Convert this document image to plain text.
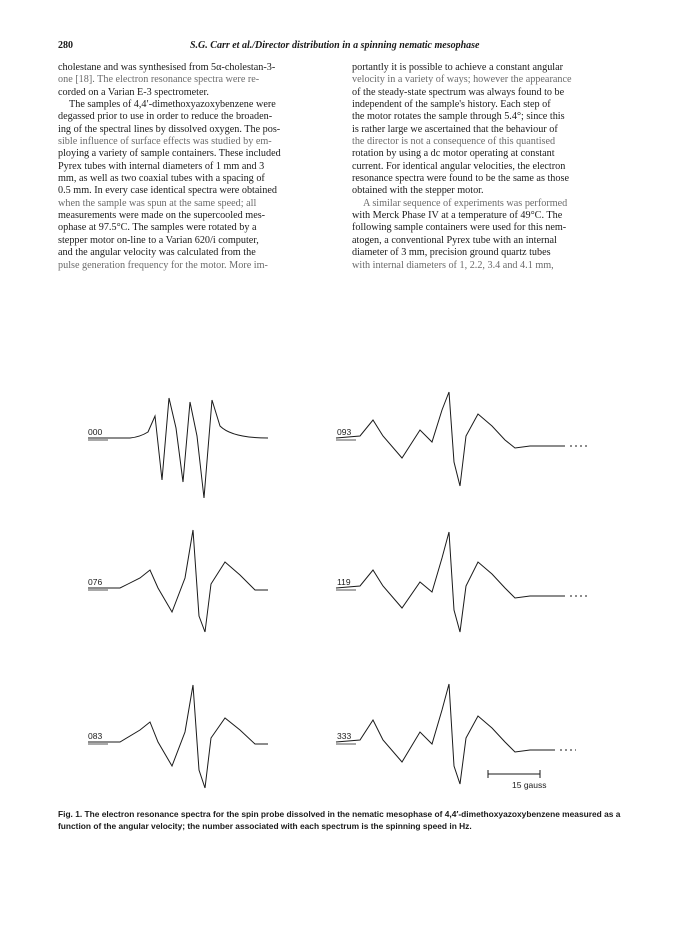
280	S.G. Carr et al./Director distribution in a spinning nematic mesophase
cholestane and was synthesised from 5α-cholestan-3-
one [18]. The electron resonance spectra were re-
corded on a Varian E-3 spectrometer.
The samples of 4,4′-dimethoxyazoxybenzene were
degassed prior to use in order to reduce the broaden-
ing of the spectral lines by dissolved oxygen. The pos-
sible influence of surface effects was studied by em-
ploying a variety of sample containers. These included
Pyrex tubes with internal diameters of 1 mm and 3
mm, as well as two coaxial tubes with a spacing of
0.5 mm. In every case identical spectra were obtained
when the sample was spun at the same speed; all
measurements were made on the supercooled mes-
ophase at 97.5°C. The samples were rotated by a
stepper motor on-line to a Varian 620/i computer,
and the angular velocity was calculated from the
pulse generation frequency for the motor. More im-
portantly it is possible to achieve a constant angular
velocity in a variety of ways; however the appearance
of the steady-state spectrum was always found to be
independent of the sample's history. Each step of
the motor rotates the sample through 5.4°; since this
is rather large we ascertained that the behaviour of
the director is not a consequence of this quantised
rotation by using a dc motor operating at constant
current. For identical angular velocities, the electron
resonance spectra were found to be the same as those
obtained with the stepper motor.
A similar sequence of experiments was performed
with Merck Phase IV at a temperature of 49°C. The
following sample containers were used for this nem-
atogen, a conventional Pyrex tube with an internal
diameter of 3 mm, precision ground quartz tubes
with internal diameters of 1, 2.2, 3.4 and 4.1 mm,
000	093
076	119
083	333
15 gauss
Fig. 1. The electron resonance spectra for the spin probe dissolved in the nematic mesophase of 4,4′-dimethoxyazoxybenzene measured as a function of the angular velocity; the number associated with each spectrum is the spinning speed in Hz.
